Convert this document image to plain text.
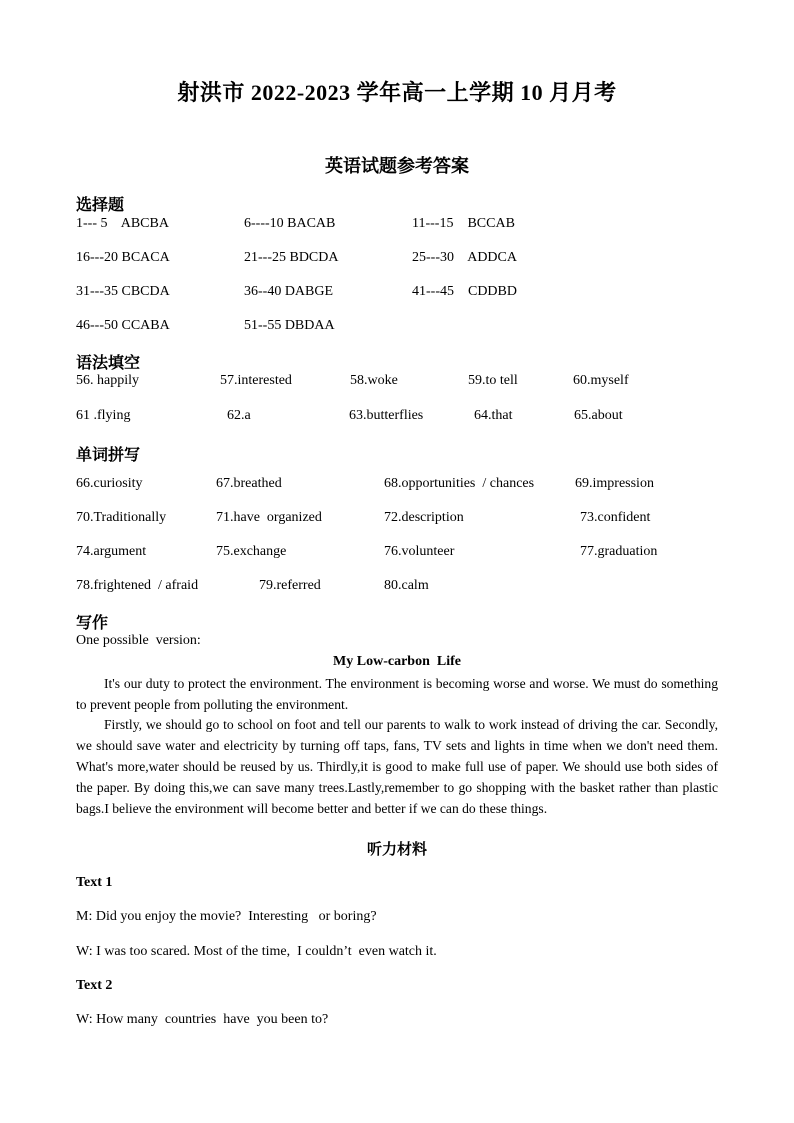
射洪市 2022-2023 学年高一上学期 10 月月考
英语试题参考答案
选择题
1--- 5    ABCBA	6----10 BACAB	11---15    BCCAB
16---20 BCACA	21---25 BDCDA	25---30    ADDCA
31---35 CBCDA	36--40 DABGE	41---45    CDDBD
46---50 CCABA	51--55 DBDAA
语法填空
56. happily	57.interested	58.woke	59.to tell	60.myself
61 .flying	62.a	63.butterflies	64.that	65.about
单词拼写
66.curiosity	67.breathed	68.opportunities  / chances	69.impression
70.Traditionally	71.have  organized	72.description	73.confident
74.argument	75.exchange	76.volunteer	77.graduation
78.frightened  / afraid	79.referred	80.calm
写作
One possible  version:
My Low-carbon  Life
It's our duty to protect the environment. The environment is becoming worse and worse. We must do something to prevent people from polluting the environment.
Firstly, we should go to school on foot and tell our parents to walk to work instead of driving the car. Secondly, we should save water and electricity by turning off taps, fans, TV sets and lights in time when we don't need them. What's more,water should be reused by us. Thirdly,it is good to make full use of paper. We should use both sides of the paper. By doing this,we can save many trees.Lastly,remember to go shopping with the basket rather than plastic bags.I believe the environment will become better and better if we can do these things.
听力材料
Text 1
M: Did you enjoy the movie?  Interesting   or boring?
W: I was too scared. Most of the time,  I couldn’t  even watch it.
Text 2
W: How many  countries  have  you been to?
